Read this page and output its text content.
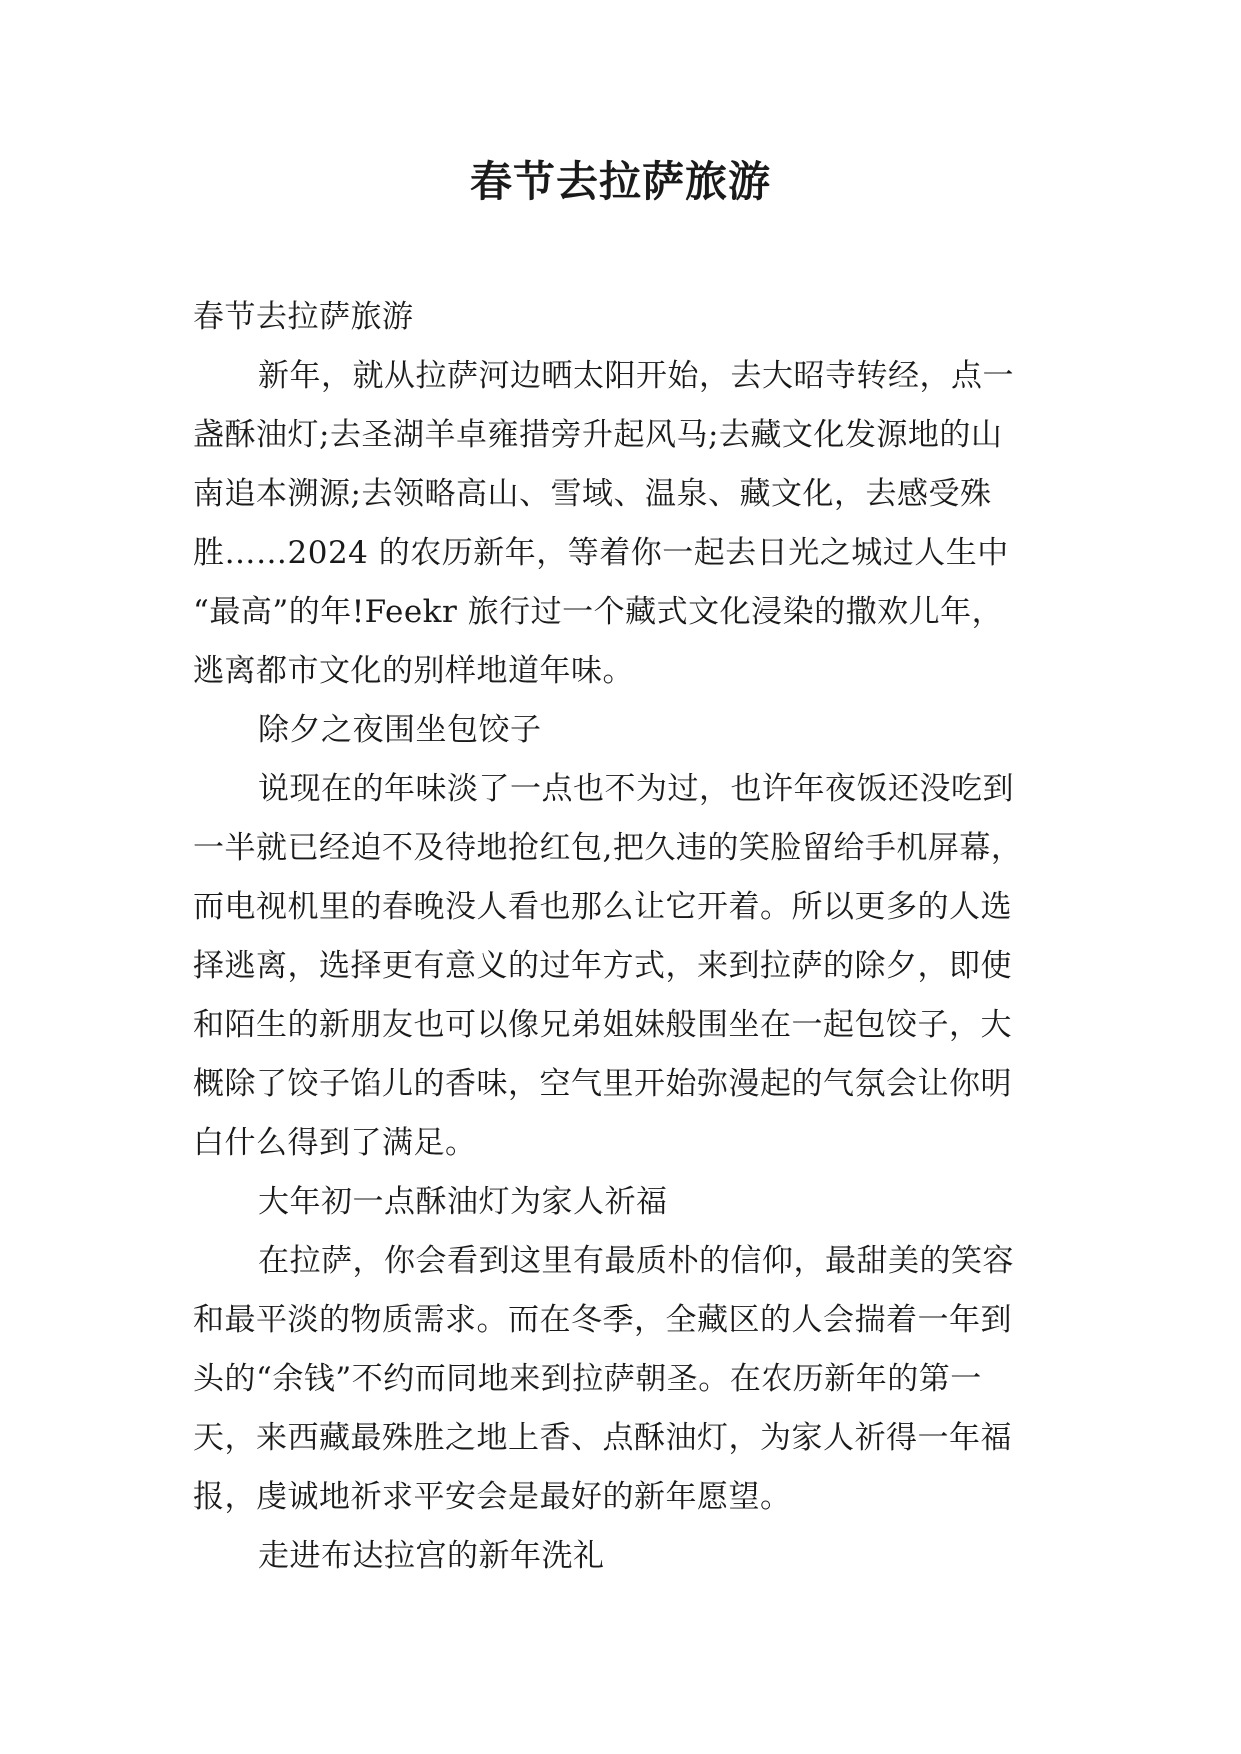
春节去拉萨旅游
春节去拉萨旅游
新年，就从拉萨河边晒太阳开始，去大昭寺转经，点一
盏酥油灯;去圣湖羊卓雍措旁升起风马;去藏文化发源地的山
南追本溯源;去领略高山、雪域、温泉、藏文化，去感受殊
胜……2024 的农历新年，等着你一起去日光之城过人生中
“最高”的年!Feekr 旅行过一个藏式文化浸染的撒欢儿年，
逃离都市文化的别样地道年味。
除夕之夜围坐包饺子
说现在的年味淡了一点也不为过，也许年夜饭还没吃到
一半就已经迫不及待地抢红包,把久违的笑脸留给手机屏幕，
而电视机里的春晚没人看也那么让它开着。所以更多的人选
择逃离，选择更有意义的过年方式，来到拉萨的除夕，即使
和陌生的新朋友也可以像兄弟姐妹般围坐在一起包饺子，大
概除了饺子馅儿的香味，空气里开始弥漫起的气氛会让你明
白什么得到了满足。
大年初一点酥油灯为家人祈福
在拉萨，你会看到这里有最质朴的信仰，最甜美的笑容
和最平淡的物质需求。而在冬季，全藏区的人会揣着一年到
头的“余钱”不约而同地来到拉萨朝圣。在农历新年的第一
天，来西藏最殊胜之地上香、点酥油灯，为家人祈得一年福
报，虔诚地祈求平安会是最好的新年愿望。
走进布达拉宫的新年洗礼
